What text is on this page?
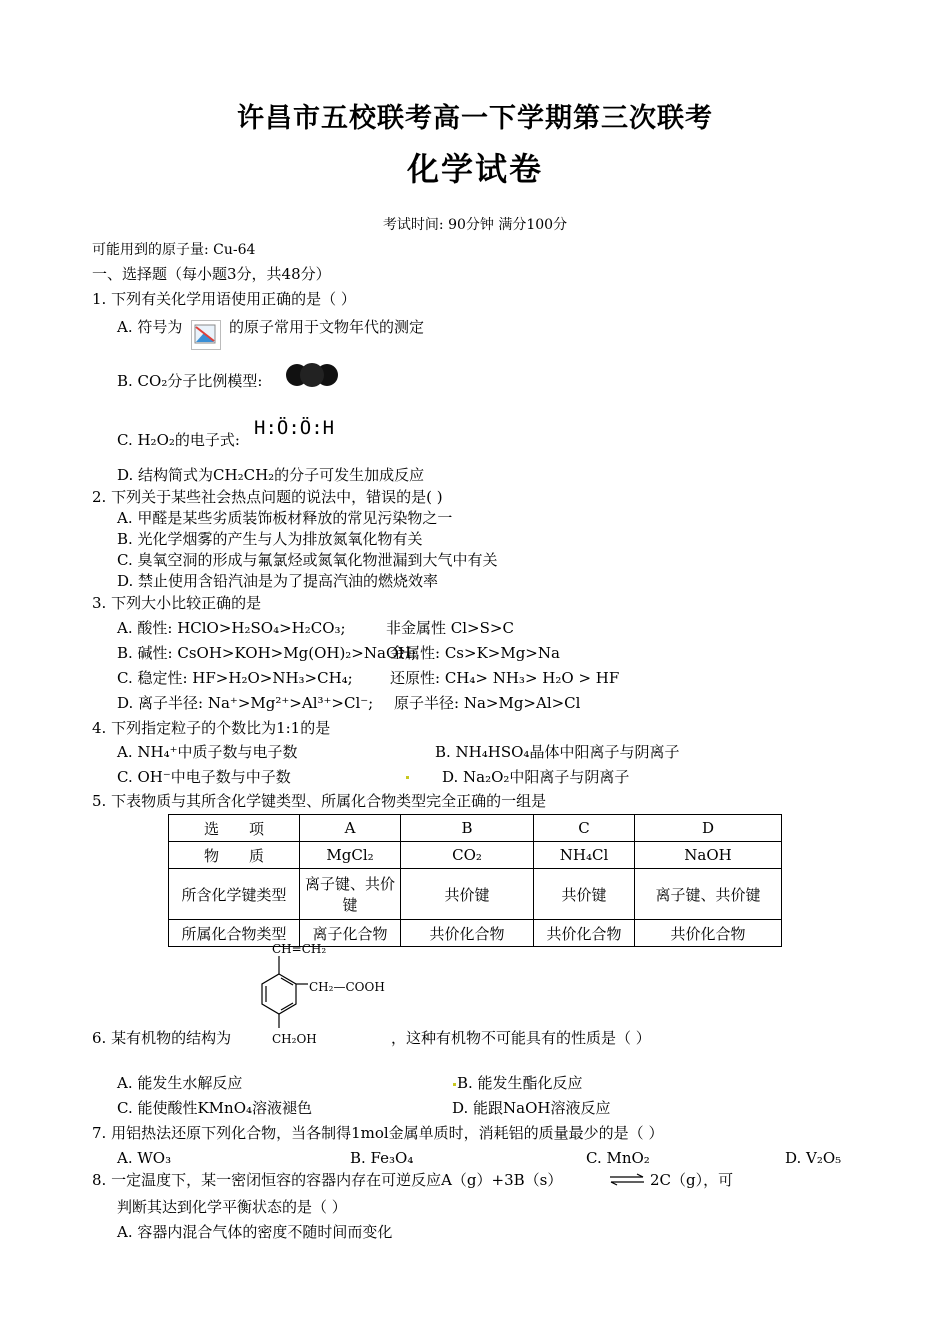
许昌市五校联考高一下学期第三次联考
化学试卷
考试时间: 90分钟 满分100分
可能用到的原子量: Cu-64
一、选择题（每小题3分，共48分）
1. 下列有关化学用语使用正确的是（ ）
A. 符号为	的原子常用于文物年代的测定
B. CO₂分子比例模型:
C. H₂O₂的电子式:
H:Ö:Ö:H
D. 结构简式为CH₂CH₂的分子可发生加成反应
2. 下列关于某些社会热点问题的说法中，错误的是( )
A. 甲醛是某些劣质装饰板材释放的常见污染物之一
B. 光化学烟雾的产生与人为排放氮氧化物有关
C. 臭氧空洞的形成与氟氯烃或氮氧化物泄漏到大气中有关
D. 禁止使用含铅汽油是为了提高汽油的燃烧效率
3. 下列大小比较正确的是
A. 酸性: HClO>H₂SO₄>H₂CO₃;	非金属性 Cl>S>C
B. 碱性: CsOH>KOH>Mg(OH)₂>NaOH;
金属性: Cs>K>Mg>Na
C. 稳定性: HF>H₂O>NH₃>CH₄; 还原性: CH₄> NH₃> H₂O > HF
D. 离子半径: Na⁺>Mg²⁺>Al³⁺>Cl⁻; 原子半径: Na>Mg>Al>Cl
4. 下列指定粒子的个数比为1:1的是
A. NH₄⁺中质子数与电子数	B. NH₄HSO₄晶体中阳离子与阴离子
C. OH⁻中电子数与中子数	D. Na₂O₂中阳离子与阴离子
5. 下表物质与其所含化学键类型、所属化合物类型完全正确的一组是
选　　项	A	B	C	D
物　　质	MgCl₂	CO₂	NH₄Cl	NaOH
所含化学键类型	离子键、共价键	共价键	共价键	离子键、共价键
所属化合物类型	离子化合物	共价化合物	共价化合物	共价化合物
CH=CH₂
CH₂—COOH
CH₂OH
6. 某有机物的结构为	，这种有机物不可能具有的性质是（ ）
A. 能发生水解反应	B. 能发生酯化反应
C. 能使酸性KMnO₄溶液褪色	D. 能跟NaOH溶液反应
7. 用铝热法还原下列化合物，当各制得1mol金属单质时，消耗铝的质量最少的是（ ）
A. WO₃	B. Fe₃O₄	C. MnO₂	D. V₂O₅
8. 一定温度下，某一密闭恒容的容器内存在可逆反应A（g）+3B（s）	⇌ 2C（g），可
判断其达到化学平衡状态的是（ ）
A. 容器内混合气体的密度不随时间而变化
